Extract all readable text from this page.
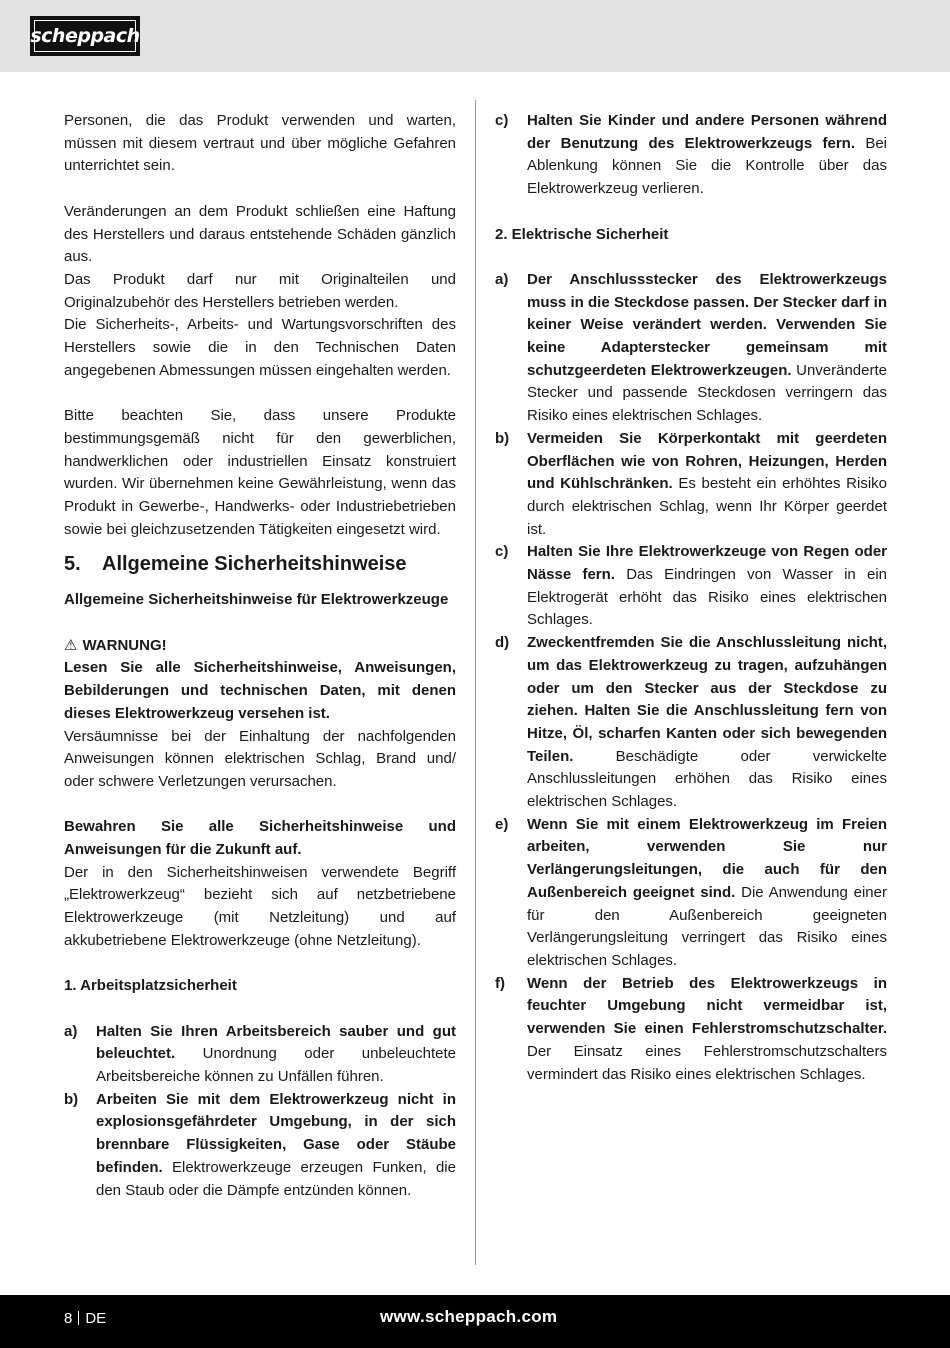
scheppach

Personen, die das Produkt verwenden und warten, müssen mit diesem vertraut und über mögliche Gefahren unterrichtet sein.

Veränderungen an dem Produkt schließen eine Haftung des Herstellers und daraus entstehende Schäden gänzlich aus.

Das Produkt darf nur mit Originalteilen und Originalzubehör des Herstellers betrieben werden.

Die Sicherheits-, Arbeits- und Wartungsvorschriften des Herstellers sowie die in den Technischen Daten angegebenen Abmessungen müssen eingehalten werden.

Bitte beachten Sie, dass unsere Produkte bestimmungsgemäß nicht für den gewerblichen, handwerklichen oder industriellen Einsatz konstruiert wurden. Wir übernehmen keine Gewährleistung, wenn das Produkt in Gewerbe-, Handwerks- oder Industriebetrieben sowie bei gleichzusetzenden Tätigkeiten eingesetzt wird.

5.	Allgemeine Sicherheitshinweise

Allgemeine Sicherheitshinweise für Elektrowerkzeuge

⚠ WARNUNG!

Lesen Sie alle Sicherheitshinweise, Anweisungen, Bebilderungen und technischen Daten, mit denen dieses Elektrowerkzeug versehen ist.

Versäumnisse bei der Einhaltung der nachfolgenden Anweisungen können elektrischen Schlag, Brand und/ oder schwere Verletzungen verursachen.

Bewahren Sie alle Sicherheitshinweise und Anweisungen für die Zukunft auf.

Der in den Sicherheitshinweisen verwendete Begriff „Elektrowerkzeug“ bezieht sich auf netzbetriebene Elektrowerkzeuge (mit Netzleitung) und auf akkubetriebene Elektrowerkzeuge (ohne Netzleitung).

1. Arbeitsplatzsicherheit

a)	Halten Sie Ihren Arbeitsbereich sauber und gut beleuchtet. Unordnung oder unbeleuchtete Arbeitsbereiche können zu Unfällen führen.
b)	Arbeiten Sie mit dem Elektrowerkzeug nicht in explosionsgefährdeter Umgebung, in der sich brennbare Flüssigkeiten, Gase oder Stäube befinden. Elektrowerkzeuge erzeugen Funken, die den Staub oder die Dämpfe entzünden können.
c)	Halten Sie Kinder und andere Personen während der Benutzung des Elektrowerkzeugs fern. Bei Ablenkung können Sie die Kontrolle über das Elektrowerkzeug verlieren.

2. Elektrische Sicherheit

a)	Der Anschlussstecker des Elektrowerkzeugs muss in die Steckdose passen. Der Stecker darf in keiner Weise verändert werden. Verwenden Sie keine Adapterstecker gemeinsam mit schutzgeerdeten Elektrowerkzeugen. Unveränderte Stecker und passende Steckdosen verringern das Risiko eines elektrischen Schlages.
b)	Vermeiden Sie Körperkontakt mit geerdeten Oberflächen wie von Rohren, Heizungen, Herden und Kühlschränken. Es besteht ein erhöhtes Risiko durch elektrischen Schlag, wenn Ihr Körper geerdet ist.
c)	Halten Sie Ihre Elektrowerkzeuge von Regen oder Nässe fern. Das Eindringen von Wasser in ein Elektrogerät erhöht das Risiko eines elektrischen Schlages.
d)	Zweckentfremden Sie die Anschlussleitung nicht, um das Elektrowerkzeug zu tragen, aufzuhängen oder um den Stecker aus der Steckdose zu ziehen. Halten Sie die Anschlussleitung fern von Hitze, Öl, scharfen Kanten oder sich bewegenden Teilen. Beschädigte oder verwickelte Anschlussleitungen erhöhen das Risiko eines elektrischen Schlages.
e)	Wenn Sie mit einem Elektrowerkzeug im Freien arbeiten, verwenden Sie nur Verlängerungsleitungen, die auch für den Außenbereich geeignet sind. Die Anwendung einer für den Außenbereich geeigneten Verlängerungsleitung verringert das Risiko eines elektrischen Schlages.
f)	Wenn der Betrieb des Elektrowerkzeugs in feuchter Umgebung nicht vermeidbar ist, verwenden Sie einen Fehlerstromschutzschalter. Der Einsatz eines Fehlerstromschutzschalters vermindert das Risiko eines elektrischen Schlages.
8 DE	www.scheppach.com
